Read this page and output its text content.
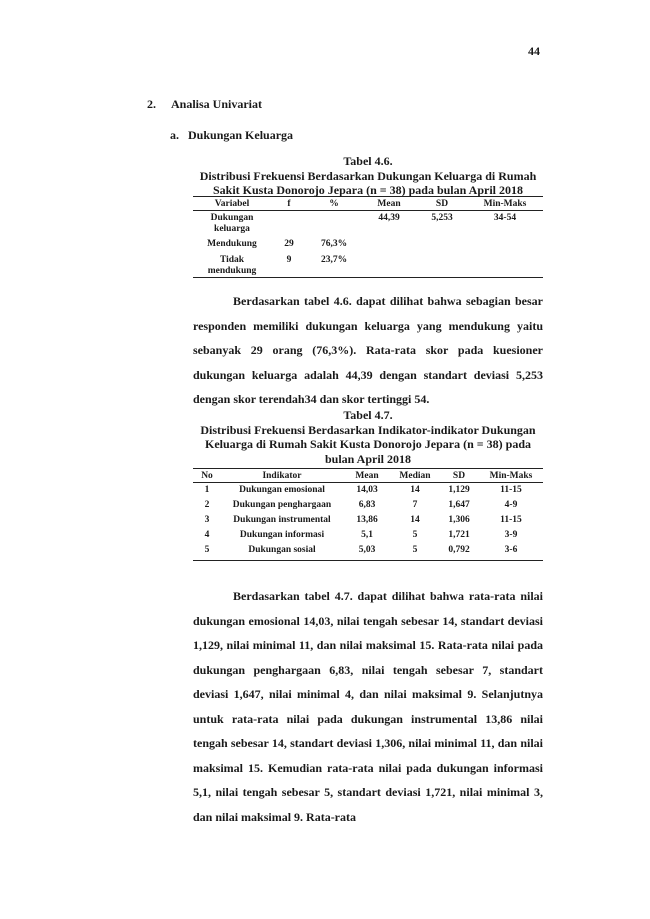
44
2. Analisa Univariat
a. Dukungan Keluarga
Tabel 4.6.
Distribusi Frekuensi Berdasarkan Dukungan Keluarga di Rumah
Sakit Kusta Donorojo Jepara (n = 38) pada bulan April 2018
Variabel	f	%	Mean	SD	Min-Maks
Dukungan keluarga			44,39	5,253	34-54
Mendukung	29	76,3%			
Tidak mendukung	9	23,7%			

Berdasarkan tabel 4.6. dapat dilihat bahwa sebagian besar responden memiliki dukungan keluarga yang mendukung yaitu sebanyak 29 orang (76,3%). Rata-rata skor pada kuesioner dukungan keluarga adalah 44,39 dengan standart deviasi 5,253 dengan skor terendah34 dan skor tertinggi 54.

Tabel 4.7.
Distribusi Frekuensi Berdasarkan Indikator-indikator Dukungan
Keluarga di Rumah Sakit Kusta Donorojo Jepara (n = 38) pada
bulan April 2018
No	Indikator	Mean	Median	SD	Min-Maks
1	Dukungan emosional	14,03	14	1,129	11-15
2	Dukungan penghargaan	6,83	7	1,647	4-9
3	Dukungan instrumental	13,86	14	1,306	11-15
4	Dukungan informasi	5,1	5	1,721	3-9
5	Dukungan sosial	5,03	5	0,792	3-6

Berdasarkan tabel 4.7. dapat dilihat bahwa rata-rata nilai dukungan emosional 14,03, nilai tengah sebesar 14, standart deviasi 1,129, nilai minimal 11, dan nilai maksimal 15. Rata-rata nilai pada dukungan penghargaan 6,83, nilai tengah sebesar 7, standart deviasi 1,647, nilai minimal 4, dan nilai maksimal 9. Selanjutnya untuk rata-rata nilai pada dukungan instrumental 13,86 nilai tengah sebesar 14, standart deviasi 1,306, nilai minimal 11, dan nilai maksimal 15. Kemudian rata-rata nilai pada dukungan informasi 5,1, nilai tengah sebesar 5, standart deviasi 1,721, nilai minimal 3, dan nilai maksimal 9. Rata-rata
